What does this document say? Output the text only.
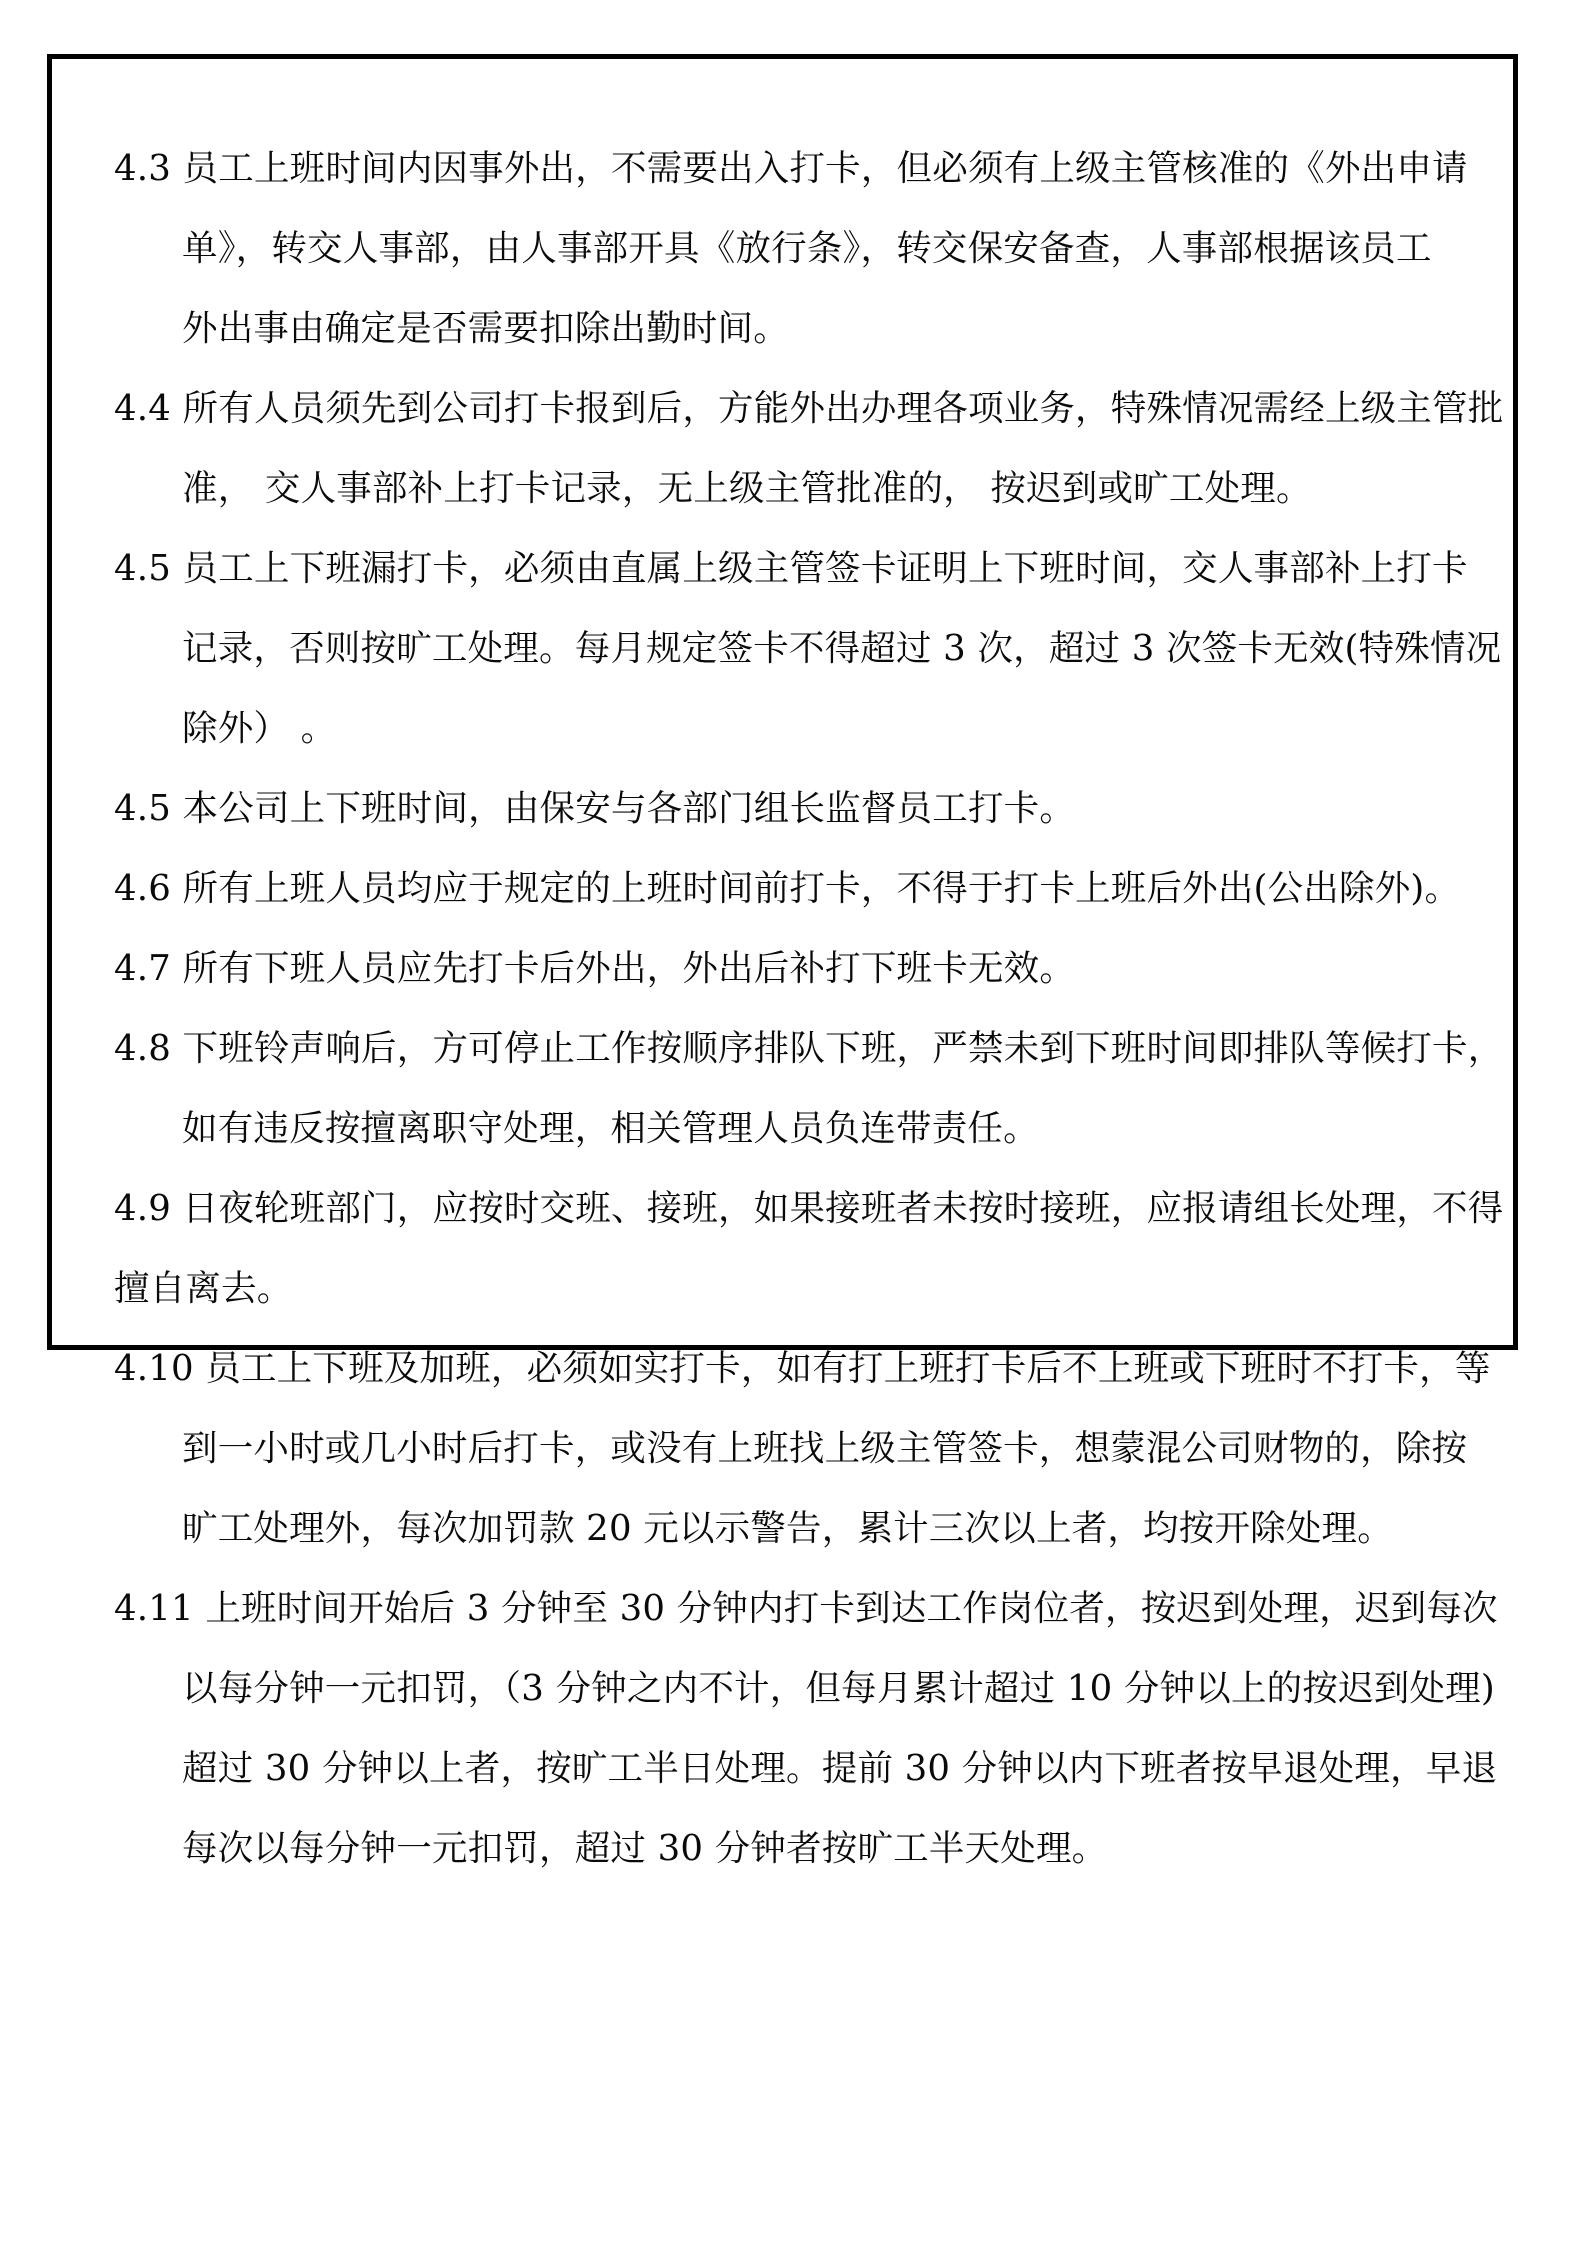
4.3 员工上班时间内因事外出，不需要出入打卡，但必须有上级主管核准的《外出申请
单》，转交人事部，由人事部开具《放行条》，转交保安备查，人事部根据该员工
外出事由确定是否需要扣除出勤时间。
4.4 所有人员须先到公司打卡报到后，方能外出办理各项业务，特殊情况需经上级主管批
准， 交人事部补上打卡记录，无上级主管批准的， 按迟到或旷工处理。
4.5 员工上下班漏打卡，必须由直属上级主管签卡证明上下班时间，交人事部补上打卡
记录，否则按旷工处理。每月规定签卡不得超过 3 次，超过 3 次签卡无效(特殊情况
除外） 。
4.5 本公司上下班时间，由保安与各部门组长监督员工打卡。
4.6 所有上班人员均应于规定的上班时间前打卡，不得于打卡上班后外出(公出除外)。
4.7 所有下班人员应先打卡后外出，外出后补打下班卡无效。
4.8 下班铃声响后，方可停止工作按顺序排队下班，严禁未到下班时间即排队等候打卡，
如有违反按擅离职守处理，相关管理人员负连带责任。
4.9 日夜轮班部门，应按时交班、接班，如果接班者未按时接班，应报请组长处理，不得
擅自离去。
4.10 员工上下班及加班，必须如实打卡，如有打上班打卡后不上班或下班时不打卡，等
到一小时或几小时后打卡，或没有上班找上级主管签卡，想蒙混公司财物的，除按
旷工处理外，每次加罚款 20 元以示警告，累计三次以上者，均按开除处理。
4.11 上班时间开始后 3 分钟至 30 分钟内打卡到达工作岗位者，按迟到处理，迟到每次
以每分钟一元扣罚，（3 分钟之内不计，但每月累计超过 10 分钟以上的按迟到处理)
超过 30 分钟以上者，按旷工半日处理。提前 30 分钟以内下班者按早退处理，早退
每次以每分钟一元扣罚，超过 30 分钟者按旷工半天处理。
